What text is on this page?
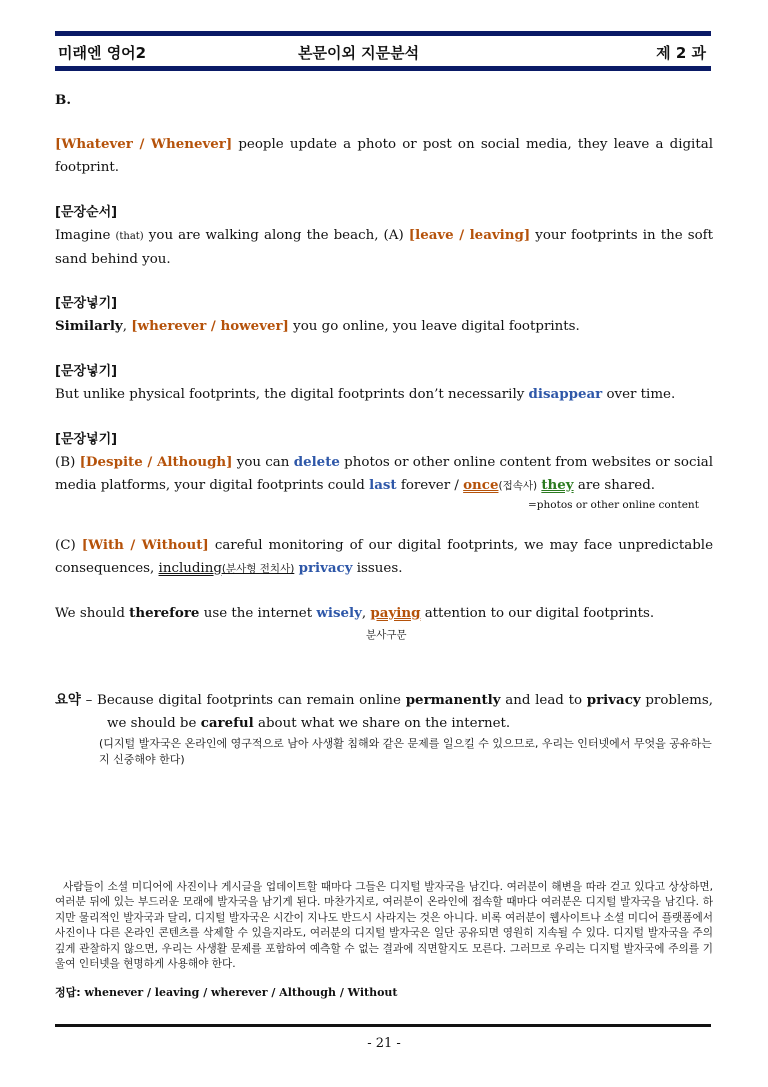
미래엔 영어2	본문이외 지문분석	제 2 과
B.
[Whatever / Whenever] people update a photo or post on social media, they leave a digital footprint.
[문장순서]
Imagine (that) you are walking along the beach, (A) [leave / leaving] your footprints in the soft sand behind you.
[문장넣기]
Similarly, [wherever / however] you go online, you leave digital footprints.
[문장넣기]
But unlike physical footprints, the digital footprints don’t necessarily disappear over time.
[문장넣기]
(B) [Despite / Although] you can delete photos or other online content from websites or social media platforms, your digital footprints could last forever / once(접속사) they are shared.
=photos or other online content
(C) [With / Without] careful monitoring of our digital footprints, we may face unpredictable consequences, including(분사형 전치사) privacy issues.
We should therefore use the internet wisely, paying attention to our digital footprints.
분사구문
요약 – Because digital footprints can remain online permanently and lead to privacy problems, we should be careful about what we share on the internet.
(디지털 발자국은 온라인에 영구적으로 남아 사생활 침해와 같은 문제를 일으킬 수 있으므로, 우리는 인터넷에서 무엇을 공유하는지 신중해야 한다)
사람들이 소셜 미디어에 사진이나 게시글을 업데이트할 때마다 그들은 디지털 발자국을 남긴다. 여러분이 해변을 따라 걷고 있다고 상상하면, 여러분 뒤에 있는 부드러운 모래에 발자국을 남기게 된다. 마찬가지로, 여러분이 온라인에 접속할 때마다 여러분은 디지털 발자국을 남긴다. 하지만 물리적인 발자국과 달리, 디지털 발자국은 시간이 지나도 반드시 사라지는 것은 아니다. 비록 여러분이 웹사이트나 소셜 미디어 플랫폼에서 사진이나 다른 온라인 콘텐츠를 삭제할 수 있을지라도, 여러분의 디지털 발자국은 일단 공유되면 영원히 지속될 수 있다. 디지털 발자국을 주의 깊게 관찰하지 않으면, 우리는 사생활 문제를 포함하여 예측할 수 없는 결과에 직면할지도 모른다. 그러므로 우리는 디지털 발자국에 주의를 기울여 인터넷을 현명하게 사용해야 한다.
정답: whenever / leaving / wherever / Although / Without
- 21 -
